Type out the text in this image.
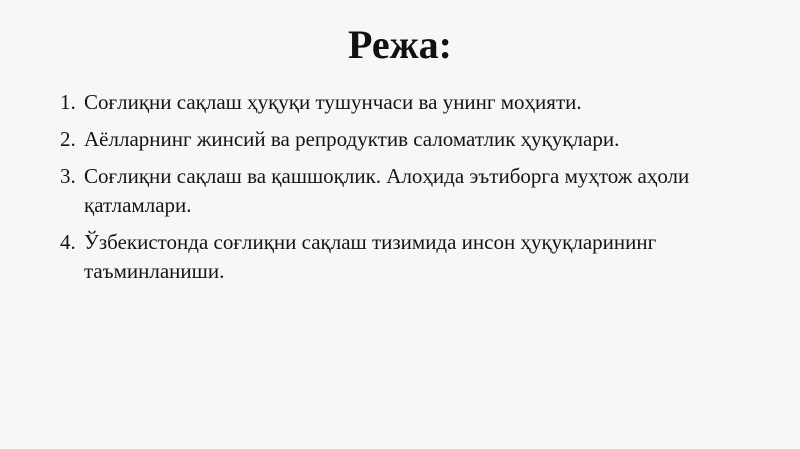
Режа:
1. Соғлиқни сақлаш ҳуқуқи тушунчаси ва унинг моҳияти.
2. Аёлларнинг жинсий ва репродуктив саломатлик ҳуқуқлари.
3. Соғлиқни сақлаш ва қашшоқлик. Алоҳида эътиборга муҳтож аҳоли қатламлари.
4. Ўзбекистонда соғлиқни сақлаш тизимида инсон ҳуқуқларининг таъминланиши.
